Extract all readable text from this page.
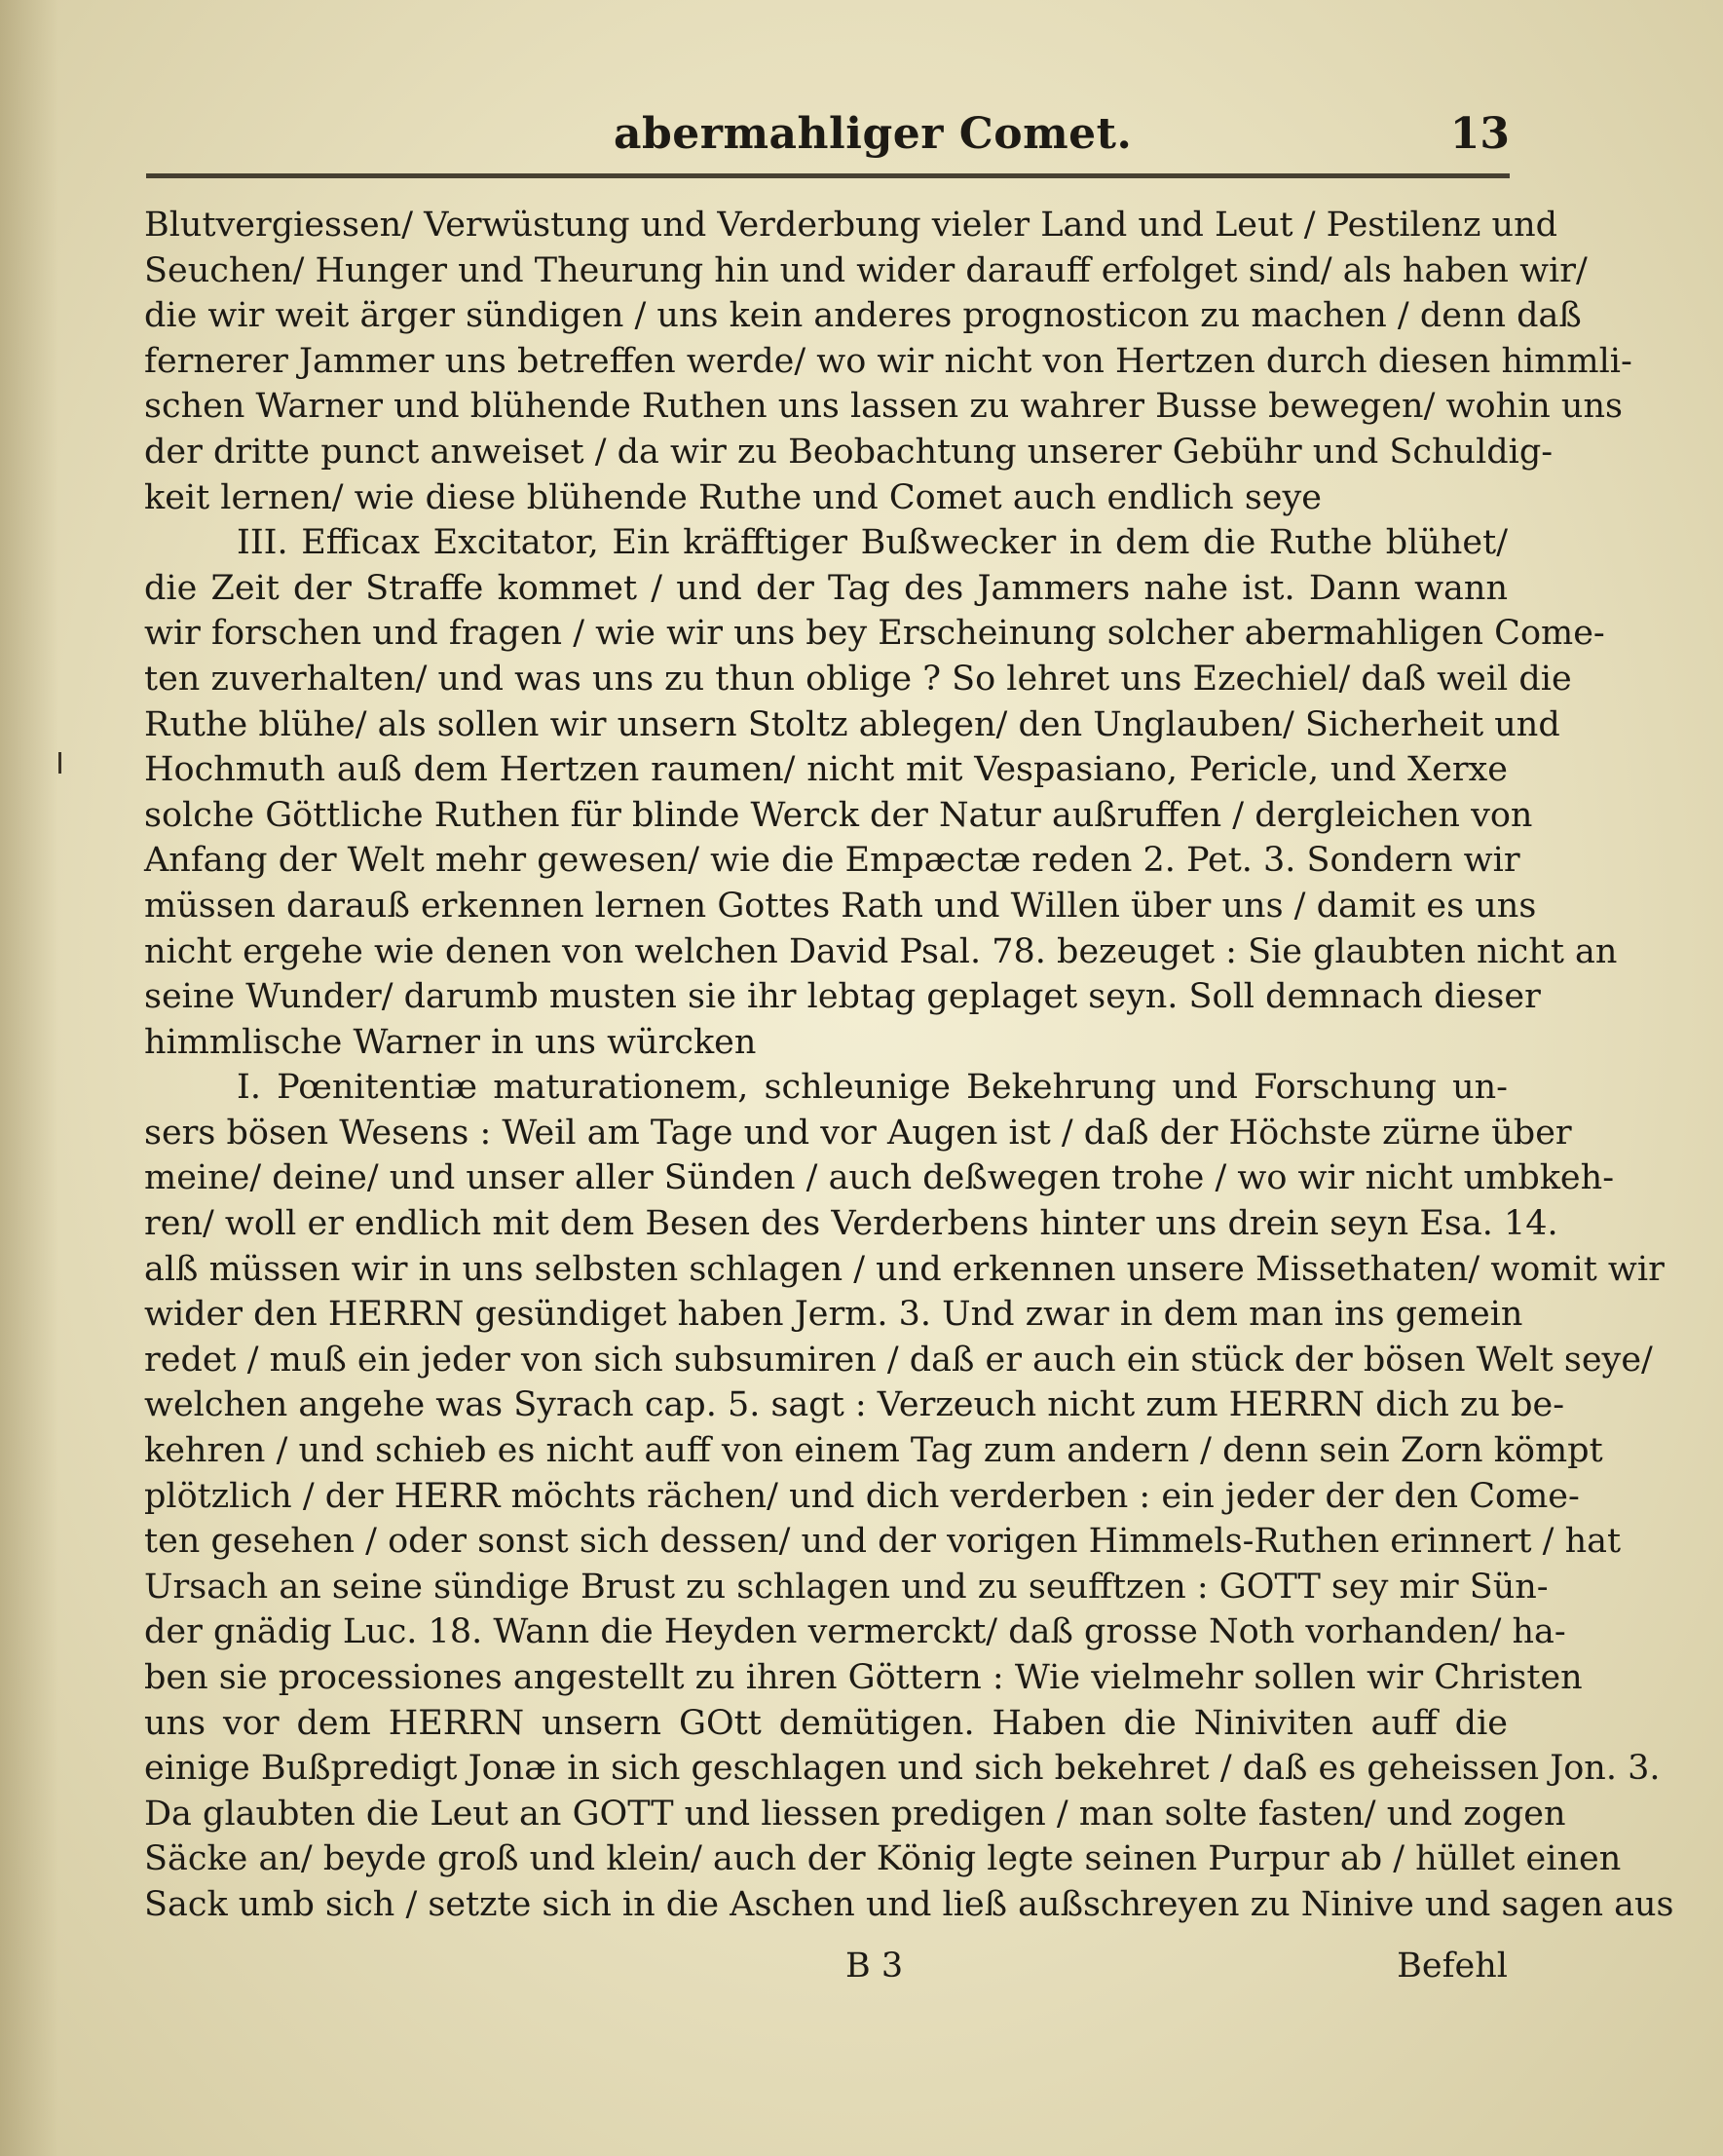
abermahliger Comet.	13
Blutvergiessen/ Verwüstung und Verderbung vieler Land und Leut / Pestilenz und
Seuchen/ Hunger und Theurung hin und wider darauff erfolget sind/ als haben wir/
die wir weit ärger sündigen / uns kein anderes prognosticon zu machen / denn daß
fernerer Jammer uns betreffen werde/ wo wir nicht von Hertzen durch diesen himmli-
schen Warner und blühende Ruthen uns lassen zu wahrer Busse bewegen/ wohin uns
der dritte punct anweiset / da wir zu Beobachtung unserer Gebühr und Schuldig-
keit lernen/ wie diese blühende Ruthe und Comet auch endlich seye
III. Efficax Excitator, Ein kräfftiger Bußwecker in dem die Ruthe blühet/
die Zeit der Straffe kommet / und der Tag des Jammers nahe ist. Dann wann
wir forschen und fragen / wie wir uns bey Erscheinung solcher abermahligen Come-
ten zuverhalten/ und was uns zu thun oblige ? So lehret uns Ezechiel/ daß weil die
Ruthe blühe/ als sollen wir unsern Stoltz ablegen/ den Unglauben/ Sicherheit und
Hochmuth auß dem Hertzen raumen/ nicht mit Vespasiano, Pericle, und Xerxe
solche Göttliche Ruthen für blinde Werck der Natur außruffen / dergleichen von
Anfang der Welt mehr gewesen/ wie die Empæctæ reden 2. Pet. 3. Sondern wir
müssen darauß erkennen lernen Gottes Rath und Willen über uns / damit es uns
nicht ergehe wie denen von welchen David Psal. 78. bezeuget : Sie glaubten nicht an
seine Wunder/ darumb musten sie ihr lebtag geplaget seyn. Soll demnach dieser
himmlische Warner in uns würcken
I. Pœnitentiæ maturationem, schleunige Bekehrung und Forschung un-
sers bösen Wesens : Weil am Tage und vor Augen ist / daß der Höchste zürne über
meine/ deine/ und unser aller Sünden / auch deßwegen trohe / wo wir nicht umbkeh-
ren/ woll er endlich mit dem Besen des Verderbens hinter uns drein seyn Esa. 14.
alß müssen wir in uns selbsten schlagen / und erkennen unsere Missethaten/ womit wir
wider den HERRN gesündiget haben Jerm. 3. Und zwar in dem man ins gemein
redet / muß ein jeder von sich subsumiren / daß er auch ein stück der bösen Welt seye/
welchen angehe was Syrach cap. 5. sagt : Verzeuch nicht zum HERRN dich zu be-
kehren / und schieb es nicht auff von einem Tag zum andern / denn sein Zorn kömpt
plötzlich / der HERR möchts rächen/ und dich verderben : ein jeder der den Come-
ten gesehen / oder sonst sich dessen/ und der vorigen Himmels-Ruthen erinnert / hat
Ursach an seine sündige Brust zu schlagen und zu seufftzen : GOTT sey mir Sün-
der gnädig Luc. 18. Wann die Heyden vermerckt/ daß grosse Noth vorhanden/ ha-
ben sie processiones angestellt zu ihren Göttern : Wie vielmehr sollen wir Christen
uns vor dem HERRN unsern GOtt demütigen. Haben die Niniviten auff die
einige Bußpredigt Jonæ in sich geschlagen und sich bekehret / daß es geheissen Jon. 3.
Da glaubten die Leut an GOTT und liessen predigen / man solte fasten/ und zogen
Säcke an/ beyde groß und klein/ auch der König legte seinen Purpur ab / hüllet einen
Sack umb sich / setzte sich in die Aschen und ließ außschreyen zu Ninive und sagen aus
B 3	Befehl
